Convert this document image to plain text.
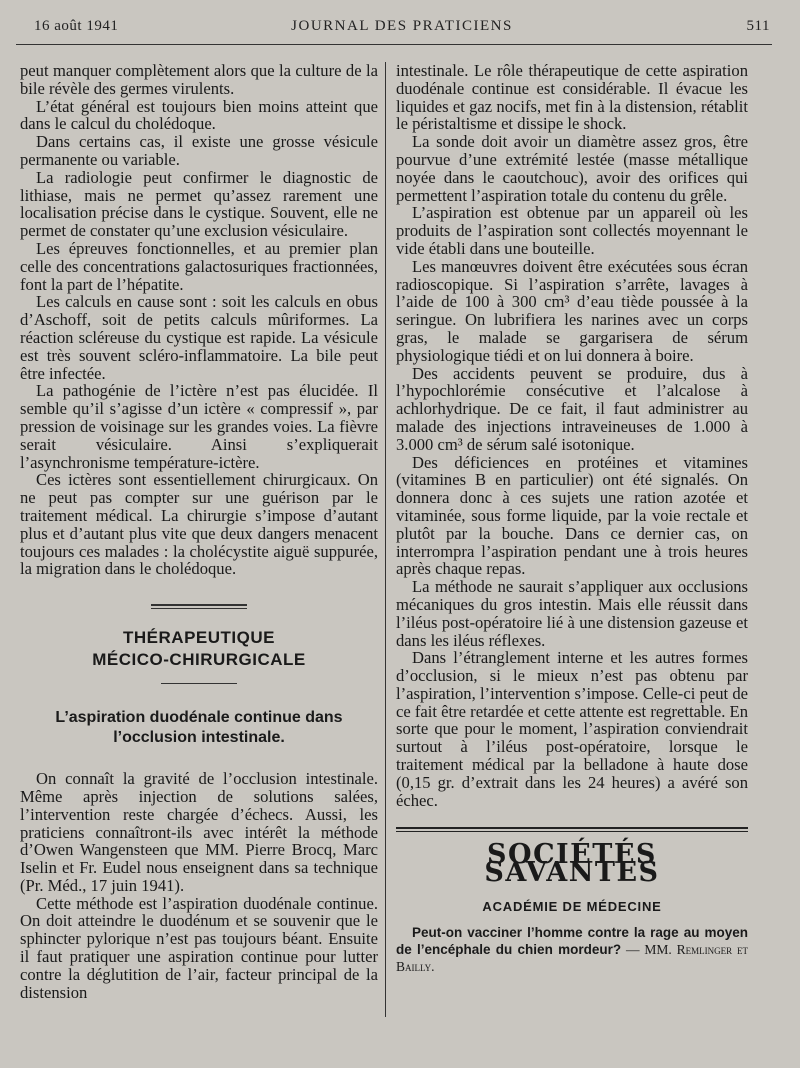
16 août 1941	JOURNAL DES PRATICIENS	511

peut manquer complètement alors que la culture de la bile révèle des germes virulents.

L’état général est toujours bien moins atteint que dans le calcul du cholédoque.

Dans certains cas, il existe une grosse vésicule permanente ou variable.

La radiologie peut confirmer le diagnostic de lithiase, mais ne permet qu’assez rarement une localisation précise dans le cystique. Souvent, elle ne permet de constater qu’une exclusion vésiculaire.

Les épreuves fonctionnelles, et au premier plan celle des concentrations galactosuriques fractionnées, font la part de l’hépatite.

Les calculs en cause sont : soit les calculs en obus d’Aschoff, soit de petits calculs mûriformes. La réaction scléreuse du cystique est rapide. La vésicule est très souvent scléro-inflammatoire. La bile peut être infectée.

La pathogénie de l’ictère n’est pas élucidée. Il semble qu’il s’agisse d’un ictère « compressif », par pression de voisinage sur les grandes voies. La fièvre serait vésiculaire. Ainsi s’expliquerait l’asynchronisme température-ictère.

Ces ictères sont essentiellement chirurgicaux. On ne peut pas compter sur une guérison par le traitement médical. La chirurgie s’impose d’autant plus et d’autant plus vite que deux dangers menacent toujours ces malades : la cholécystite aiguë suppurée, la migration dans le cholédoque.

THÉRAPEUTIQUE
MÉCICO-CHIRURGICALE
L’aspiration duodénale continue dans
l’occlusion intestinale.

On connaît la gravité de l’occlusion intestinale. Même après injection de solutions salées, l’intervention reste chargée d’échecs. Aussi, les praticiens connaîtront-ils avec intérêt la méthode d’Owen Wangensteen que MM. Pierre Brocq, Marc Iselin et Fr. Eudel nous enseignent dans sa technique (Pr. Méd., 17 juin 1941).

Cette méthode est l’aspiration duodénale continue. On doit atteindre le duodénum et se souvenir que le sphincter pylorique n’est pas toujours béant. Ensuite il faut pratiquer une aspiration continue pour lutter contre la déglutition de l’air, facteur principal de la distension

intestinale. Le rôle thérapeutique de cette aspiration duodénale continue est considérable. Il évacue les liquides et gaz nocifs, met fin à la distension, rétablit le péristaltisme et dissipe le shock.

La sonde doit avoir un diamètre assez gros, être pourvue d’une extrémité lestée (masse métallique noyée dans le caoutchouc), avoir des orifices qui permettent l’aspiration totale du contenu du grêle.

L’aspiration est obtenue par un appareil où les produits de l’aspiration sont collectés moyennant le vide établi dans une bouteille.

Les manœuvres doivent être exécutées sous écran radioscopique. Si l’aspiration s’arrête, lavages à l’aide de 100 à 300 cm³ d’eau tiède poussée à la seringue. On lubrifiera les narines avec un corps gras, le malade se gargarisera de sérum physiologique tiédi et on lui donnera à boire.

Des accidents peuvent se produire, dus à l’hypochlorémie consécutive et l’alcalose à achlorhydrique. De ce fait, il faut administrer au malade des injections intraveineuses de 1.000 à 3.000 cm³ de sérum salé isotonique.

Des déficiences en protéines et vitamines (vitamines B en particulier) ont été signalés. On donnera donc à ces sujets une ration azotée et vitaminée, sous forme liquide, par la voie rectale et plutôt par la bouche. Dans ce dernier cas, on interrompra l’aspiration pendant une à trois heures après chaque repas.

La méthode ne saurait s’appliquer aux occlusions mécaniques du gros intestin. Mais elle réussit dans l’iléus post-opératoire lié à une distension gazeuse et dans les iléus réflexes.

Dans l’étranglement interne et les autres formes d’occlusion, si le mieux n’est pas obtenu par l’aspiration, l’intervention s’impose. Celle-ci peut de ce fait être retardée et cette attente est regrettable. En sorte que pour le moment, l’aspiration conviendrait surtout à l’iléus post-opératoire, lorsque le traitement médical par la belladone à haute dose (0,15 gr. d’extrait dans les 24 heures) a avéré son échec.

SOCIÉTÉS SAVANTES
ACADÉMIE DE MÉDECINE

Peut-on vacciner l’homme contre la rage au moyen de l’encéphale du chien mordeur? — MM. Remlinger et Bailly.
